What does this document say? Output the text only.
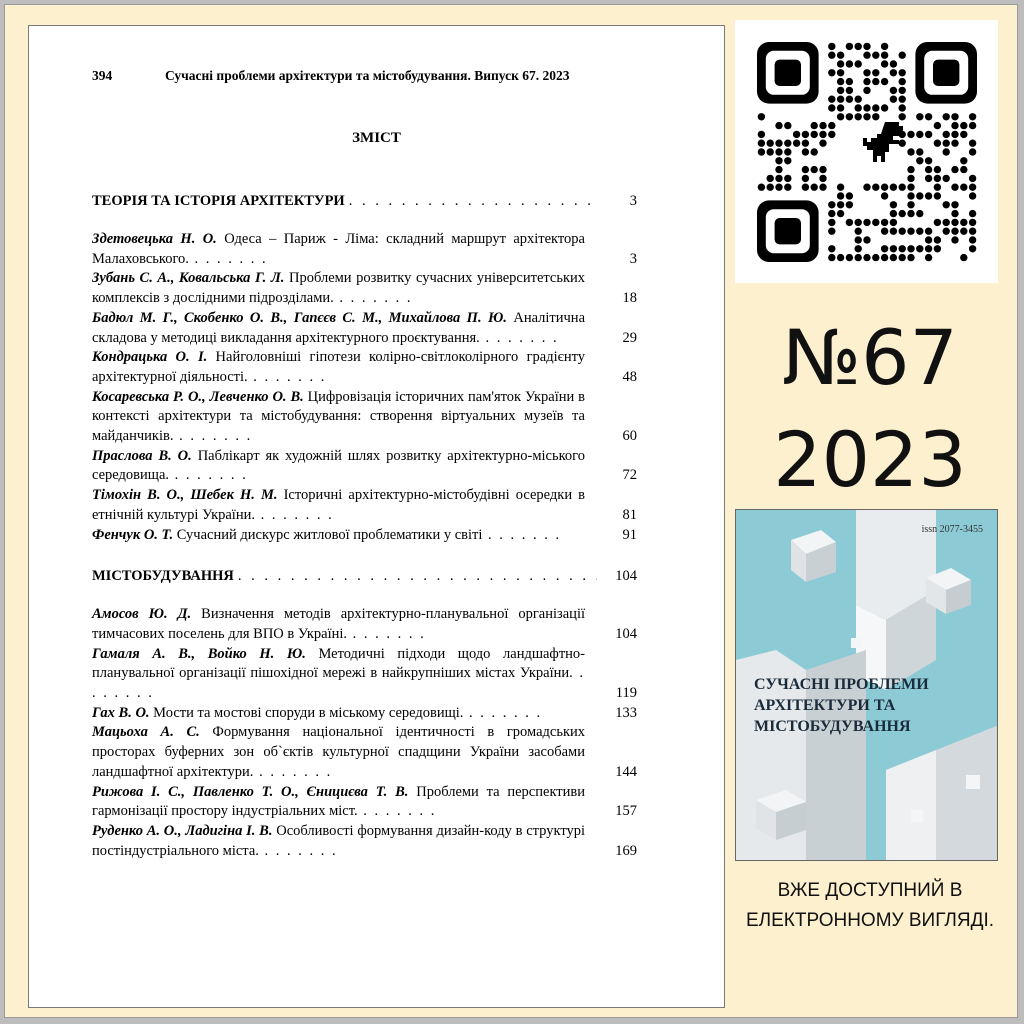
394	Сучасні проблеми архітектури та містобудування. Випуск 67. 2023
ЗМІСТ
ТЕОРІЯ ТА ІСТОРІЯ АРХІТЕКТУРИ . . .	3
Здетовецька Н. О. Одеса – Париж - Ліма: складний маршрут архітектора Малаховського. . . . . . . .	3
Зубань С. А., Ковальська Г. Л. Проблеми розвитку сучасних університетських комплексів з дослідними підрозділами. . . . . . . .	18
Бадюл М. Г., Скобенко О. В., Гапєєв С. М., Михайлова П. Ю. Аналітична складова у методиці викладання архітектурного проєктування. . . . . . . .	29
Кондрацька О. І. Найголовніші гіпотези колірно-світлоколірного градієнту архітектурної діяльності. . . . . . . .	48
Косаревська Р. О., Левченко О. В. Цифровізація історичних пам'яток України в контексті архітектури та містобудування: створення віртуальних музеїв та майданчиків. . . . . . . .	60
Праслова В. О. Паблікарт як художній шлях розвитку архітектурно-міського середовища. . . . . . . .	72
Тімохін В. О., Шебек Н. М. Історичні архітектурно-містобудівні осередки в етнічній культурі України. . . . . . . .	81
Фенчук О. Т. Сучасний дискурс житлової проблематики у світі . . . . . . .	91
МІСТОБУДУВАННЯ . . .	104
Амосов Ю. Д. Визначення методів архітектурно-планувальної організації тимчасових поселень для ВПО в Україні. . . . . . . .	104
Гамаля А. В., Войко Н. Ю. Методичні підходи щодо ландшафтно-планувальної організації пішохідної мережі в найкрупніших містах України. . . . . . . .	119
Гах В. О. Мости та мостові споруди в міському середовищі. . . . . . . .	133
Мацьоха А. С. Формування національної ідентичності в громадських просторах буферних зон об`єктів культурної спадщини України засобами ландшафтної архітектури. . . . . . . .	144
Рижова І. С., Павленко Т. О., Єнициєва Т. В. Проблеми та перспективи гармонізації простору індустріальних міст. . . . . . . .	157
Руденко А. О., Ладигіна І. В. Особливості формування дизайн-коду в структурі постіндустріального міста. . . . . . . .	169
№67
2023
issn 2077-3455
СУЧАСНІ ПРОБЛЕМИ АРХІТЕКТУРИ ТА МІСТОБУДУВАННЯ
ВЖЕ ДОСТУПНИЙ В ЕЛЕКТРОННОМУ ВИГЛЯДІ.
